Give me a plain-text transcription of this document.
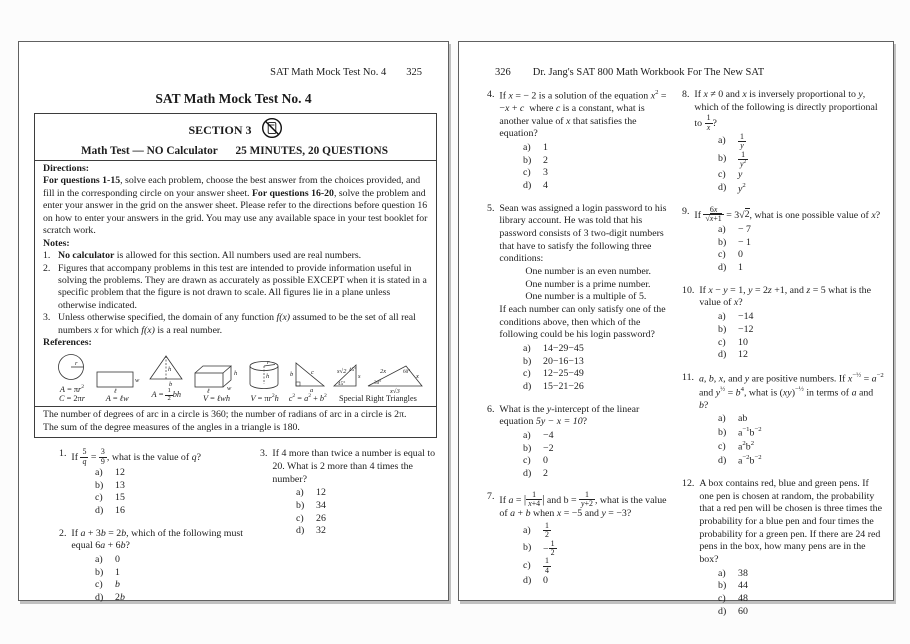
SAT Math Mock Test No. 4 325
SAT Math Mock Test No. 4
SECTION 3
Math Test — NO Calculator 25 MINUTES, 20 QUESTIONS
Directions:
For questions 1-15, solve each problem, choose the best answer from the choices provided, and fill in the corresponding circle on your answer sheet. For questions 16-20, solve the problem and enter your answer in the grid on the answer sheet. Please refer to the directions before question 16 on how to enter your answers in the grid. You may use any available space in your test booklet for scratch work.
Notes:
1. No calculator is allowed for this section. All numbers used are real numbers.
2. Figures that accompany problems in this test are intended to provide information useful in solving the problems. They are drawn as accurately as possible EXCEPT when it is stated in a specific problem that the figure is not drawn to scale. All figures lie in a plane unless otherwise indicated.
3. Unless otherwise specified, the domain of any function f(x) assumed to be the set of all real numbers x for which f(x) is a real number.
References:
r
$A = \pi r^2$
C = 2πr
ℓ
w
A = ℓw
h
b
$A = \frac{1}{2}$ bh	ℓ
h
w
V = ℓwh
r
h
$V = \pi r^2h$
b
a
c
$c^2 = a^2 + b^2$
s√2
s
45°
45°	2x
x
x√3
30°
60°
Special Right Triangles
The number of degrees of arc in a circle is 360; the number of radians of arc in a circle is 2π.
The sum of the degree measures of the angles in a triangle is 180.
1. If $\frac{5}{q} = \frac{3}{9}$ , what is the value of q?
a)	12
b)	13
c)	15
d)	16
2. If a + 3b = 2b, which of the following must equal 6a + 6b?
a)	0
b)	1
c)	b
d)	2b
3. If 4 more than twice a number is equal to 20. What is 2 more than 4 times the number?
a)	12
b)	34
c)	26
d)	32
326 Dr. Jang's SAT 800 Math Workbook For The New SAT
4. If x = − 2 is a solution of the equation $x^2 = -x + c$  where c is a constant, what is another value of x that satisfies the equation?
a)	1
b)	2
c)	3
d)	4
5. Sean was assigned a login password to his library account. He was told that his password consists of 3 two-digit numbers that have to satisfy the following three conditions:
One number is an even number.
One number is a prime number.
One number is a multiple of 5.
If each number can only satisfy one of the conditions above, then which of the following could be his login password?
a)	14−29−45
b)	20−16−13
c)	12−25−49
d)	15−21−26
6. What is the y-intercept of the linear equation 5y − x = 10?
a)	−4
b)	−2
c)	0
d)	2
7. If a = | $\frac{1}{x+4}$ | and $b = \frac{1}{y+2}$ , what is the value of a + b when x = −5 and y = −3?
a)	$\frac{1}{2}$
b)	− $\frac{1}{2}$
c)	$\frac{1}{4}$
d)	0
8. If x ≠ 0 and x is inversely proportional to y, which of the following is directly proportional to $\frac{1}{x}$ ?
a)	$\frac{1}{y}$
b)	$\frac{1}{y^2}$
c)	y
d)	$y^2$
9. If $\frac{6x}{√x+1} = 3√2$, what is one possible value of x?
a)	− 7
b)	− 1
c)	0
d)	1
10. If x − y = 1, y = 2z +1, and z = 5 what is the value of x?
a)	−14
b)	−12
c)	10
d)	12
11. a, b, x, and y are positive numbers. If $x^{-\frac{1}{2}} = a^{-2}$ and $y^{\frac{1}{2}} = b^4$, what is (xy)$^{-\frac{1}{2}}$ in terms of a and b?
a)	ab
b)	$a^{-1}b^{-2}$
c)	$a^2b^2$
d)	$a^{-2}b^{-2}$
12. A box contains red, blue and green pens. If one pen is chosen at random, the probability that a red pen will be chosen is three times the probability for a blue pen and four times the probability for a green pen. If there are 24 red pens in the box, how many pens are in the box?
a)	38
b)	44
c)	48
d)	60
